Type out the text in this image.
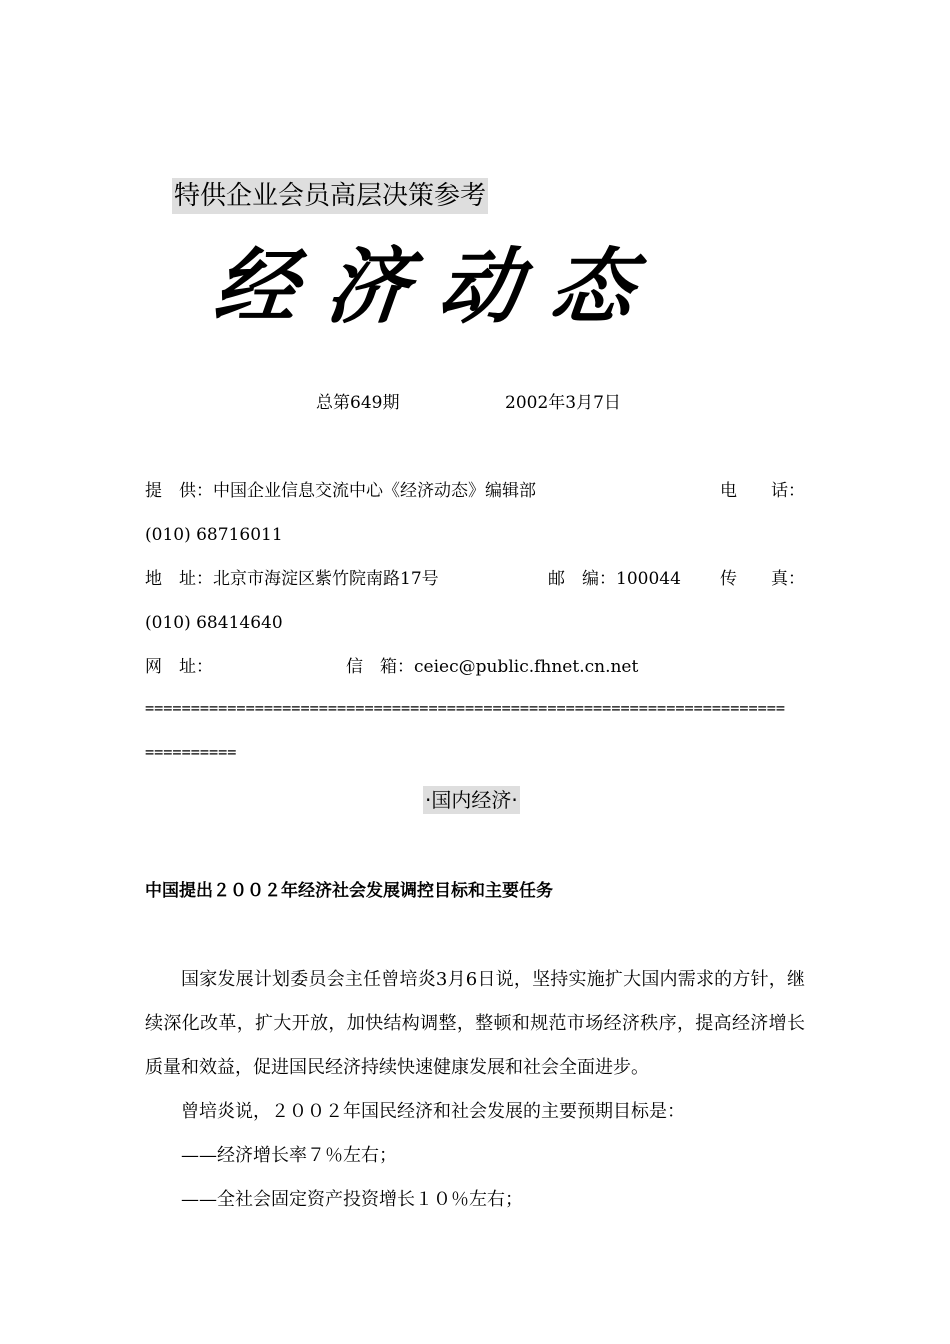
特供企业会员高层决策参考
经济动态
总第649期	2002年3月7日
提　供：中国企业信息交流中心《经济动态》编辑部	电　　话：
(010) 68716011
地　址：北京市海淀区紫竹院南路17号	邮　编：100044 传　　真：
(010) 68414640
网　址：	信　箱：ceiec@public.fhnet.cn.net
======================================================================
==========
·国内经济·
中国提出２００２年经济社会发展调控目标和主要任务

国家发展计划委员会主任曾培炎3月6日说，坚持实施扩大国内需求的方针，继续深化改革，扩大开放，加快结构调整，整顿和规范市场经济秩序，提高经济增长质量和效益，促进国民经济持续快速健康发展和社会全面进步。

曾培炎说，２００２年国民经济和社会发展的主要预期目标是：
——经济增长率７％左右；
——全社会固定资产投资增长１０％左右；
